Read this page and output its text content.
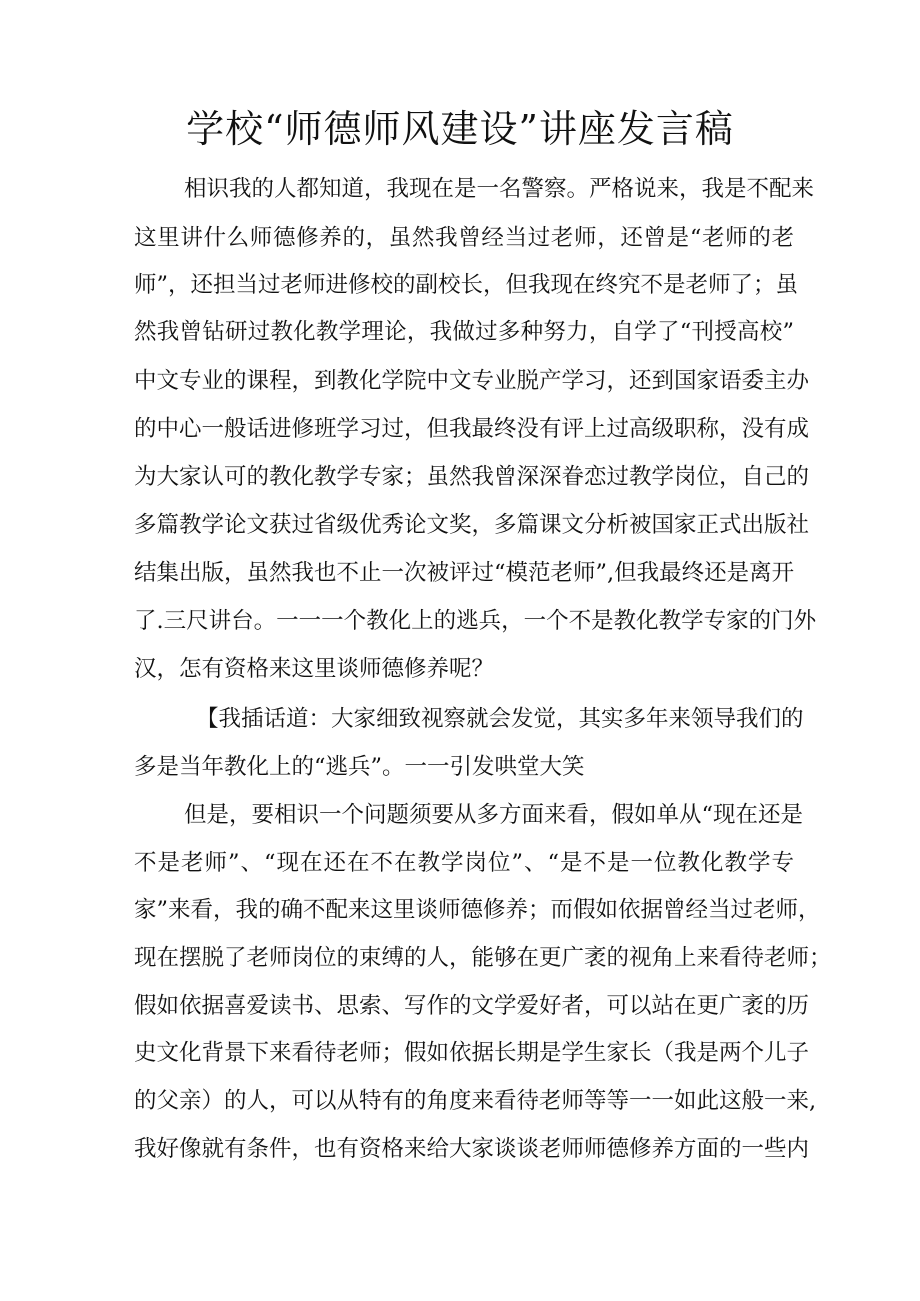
学校“师德师风建设”讲座发言稿
相识我的人都知道，我现在是一名警察。严格说来，我是不配来
这里讲什么师德修养的，虽然我曾经当过老师，还曾是“老师的老
师”，还担当过老师进修校的副校长，但我现在终究不是老师了；虽
然我曾钻研过教化教学理论，我做过多种努力，自学了“刊授高校”
中文专业的课程，到教化学院中文专业脱产学习，还到国家语委主办
的中心一般话进修班学习过，但我最终没有评上过高级职称，没有成
为大家认可的教化教学专家；虽然我曾深深眷恋过教学岗位，自己的
多篇教学论文获过省级优秀论文奖，多篇课文分析被国家正式出版社
结集出版，虽然我也不止一次被评过“模范老师”,但我最终还是离开
了.三尺讲台。一一一个教化上的逃兵，一个不是教化教学专家的门外
汉，怎有资格来这里谈师德修养呢？
【我插话道：大家细致视察就会发觉，其实多年来领导我们的
多是当年教化上的“逃兵”。一一引发哄堂大笑
但是，要相识一个问题须要从多方面来看，假如单从“现在还是
不是老师”、“现在还在不在教学岗位”、“是不是一位教化教学专
家”来看，我的确不配来这里谈师德修养；而假如依据曾经当过老师，
现在摆脱了老师岗位的束缚的人，能够在更广袤的视角上来看待老师；
假如依据喜爱读书、思索、写作的文学爱好者，可以站在更广袤的历
史文化背景下来看待老师；假如依据长期是学生家长（我是两个儿子
的父亲）的人，可以从特有的角度来看待老师等等一一如此这般一来,
我好像就有条件，也有资格来给大家谈谈老师师德修养方面的一些内
